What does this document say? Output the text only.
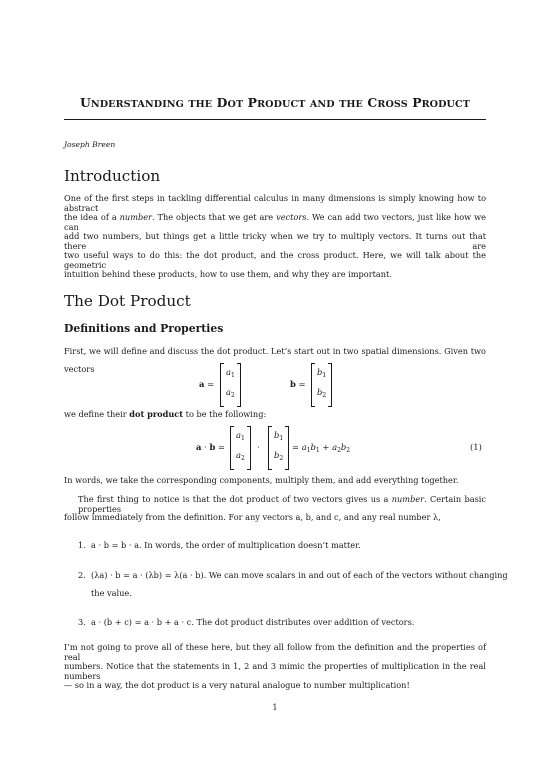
UNDERSTANDING THE DOT PRODUCT AND THE CROSS PRODUCT
Joseph Breen
Introduction
One of the first steps in tackling differential calculus in many dimensions is simply knowing how to abstract
the idea of a number. The objects that we get are vectors. We can add two vectors, just like how we can
add two numbers, but things get a little tricky when we try to multiply vectors. It turns out that there are
two useful ways to do this: the dot product, and the cross product. Here, we will talk about the geometric
intuition behind these products, how to use them, and why they are important.
The Dot Product
Definitions and Properties
First, we will define and discuss the dot product. Let’s start out in two spatial dimensions. Given two
vectors
a =
$a_1$
$a_2$
b =
$b_1$
$b_2$
we define their dot product to be the following:
a · b =
$a_1$
$a_2$
·
$b_1$
$b_2$
= $a_1b_1 + a_2b_2$	(1)
In words, we take the corresponding components, multiply them, and add everything together.
The first thing to notice is that the dot product of two vectors gives us a number. Certain basic properties
follow immediately from the definition. For any vectors a, b, and c, and any real number λ,
1. a · b = b · a. In words, the order of multiplication doesn’t matter.
2. (λa) · b = a · (λb) = λ(a · b). We can move scalars in and out of each of the vectors without changing
the value.
3. a · (b + c) = a · b + a · c. The dot product distributes over addition of vectors.
I’m not going to prove all of these here, but they all follow from the definition and the properties of real
numbers. Notice that the statements in 1, 2 and 3 mimic the properties of multiplication in the real numbers
— so in a way, the dot product is a very natural analogue to number multiplication!
1
